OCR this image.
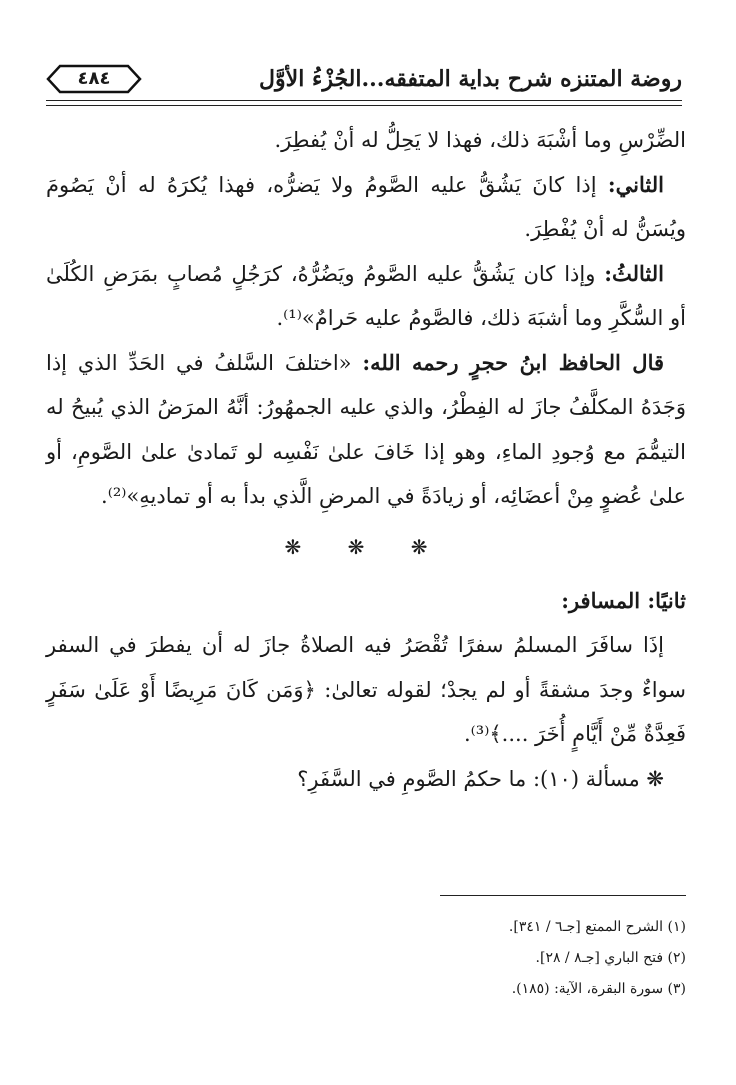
٤٨٤	روضة المتنزه شرح بداية المتفقه...الجُزْءُ الأوَّل

الضِّرْسِ وما أشْبَهَ ذلك، فهذا لا يَحِلُّ له أنْ يُفطِرَ.

الثاني: إذا كانَ يَشُقُّ عليه الصَّومُ ولا يَضرُّه، فهذا يُكرَهُ له أنْ يَصُومَ ويُسَنُّ له أنْ يُفْطِرَ.

الثالثُ: وإذا كان يَشُقُّ عليه الصَّومُ ويَضُرُّهُ، كرَجُلٍ مُصابٍ بمَرَضِ الكُلَىٰ أو السُّكَّرِ وما أشبَهَ ذلك، فالصَّومُ عليه حَرامٌ»⁽¹⁾.

قال الحافظ ابنُ حجرٍ رحمه الله: «اختلفَ السَّلفُ في الحَدِّ الذي إذا وَجَدَهُ المكلَّفُ جازَ له الفِطْرُ، والذي عليه الجمهُورُ: أنَّهُ المرَضُ الذي يُبيحُ له التيمُّمَ مع وُجودِ الماءِ، وهو إذا خَافَ علىٰ نَفْسِه لو تَمادىٰ علىٰ الصَّومِ، أو علىٰ عُضوٍ مِنْ أعضَائِه، أو زيادَةً في المرضِ الَّذي بدأ به أو تماديهِ»⁽²⁾.

❋ ❋ ❋

ثانيًا: المسافر:

إذَا سافَرَ المسلمُ سفرًا تُقْصَرُ فيه الصلاةُ جازَ له أن يفطرَ في السفر سواءٌ وجدَ مشقةً أو لم يجدْ؛ لقوله تعالىٰ: ﴿وَمَن كَانَ مَرِيضًا أَوْ عَلَىٰ سَفَرٍ فَعِدَّةٌ مِّنْ أَيَّامٍ أُخَرَ ....﴾⁽³⁾.

❋ مسألة (١٠): ما حكمُ الصَّومِ في السَّفَرِ؟

(١) الشرح الممتع [جـ٦ / ٣٤١].
(٢) فتح الباري [جـ٨ / ٢٨].
(٣) سورة البقرة، الآية: (١٨٥).
